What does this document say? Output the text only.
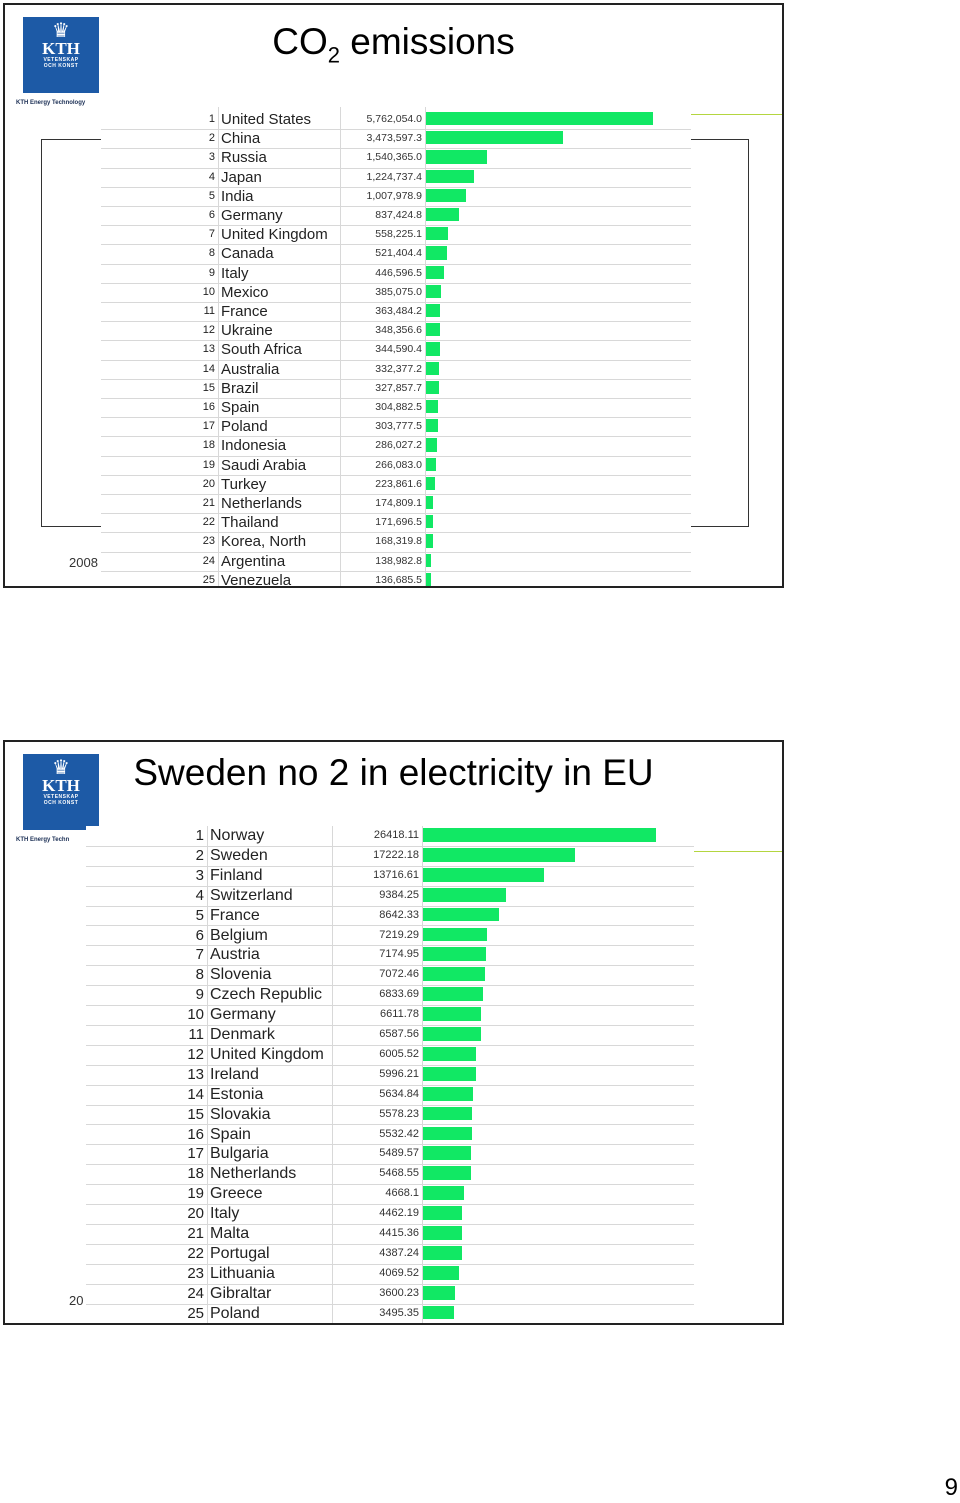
♛
KTH
VETENSKAP
OCH KONST
KTH Energy Technology
$CO_2$ emissions
2008
1 United States	5,762,054.0
2 China	3,473,597.3
3 Russia	1,540,365.0
4 Japan	1,224,737.4
5 India	1,007,978.9
6 Germany	837,424.8
7 United Kingdom	558,225.1
8 Canada	521,404.4
9 Italy	446,596.5
10 Mexico	385,075.0
11 France	363,484.2
12 Ukraine	348,356.6
13 South Africa	344,590.4
14 Australia	332,377.2
15 Brazil	327,857.7
16 Spain	304,882.5
17 Poland	303,777.5
18 Indonesia	286,027.2
19 Saudi Arabia	266,083.0
20 Turkey	223,861.6
21 Netherlands	174,809.1
22 Thailand	171,696.5
23 Korea, North	168,319.8
24 Argentina	138,982.8
25 Venezuela	136,685.5
♛
KTH
VETENSKAP
OCH KONST
KTH Energy Techn
Sweden no 2 in electricity in EU
20
1 Norway	26418.11
2 Sweden	17222.18
3 Finland	13716.61
4 Switzerland	9384.25
5 France	8642.33
6 Belgium	7219.29
7 Austria	7174.95
8 Slovenia	7072.46
9 Czech Republic	6833.69
10 Germany	6611.78
11 Denmark	6587.56
12 United Kingdom	6005.52
13 Ireland	5996.21
14 Estonia	5634.84
15 Slovakia	5578.23
16 Spain	5532.42
17 Bulgaria	5489.57
18 Netherlands	5468.55
19 Greece	4668.1
20 Italy	4462.19
21 Malta	4415.36
22 Portugal	4387.24
23 Lithuania	4069.52
24 Gibraltar	3600.23
25 Poland	3495.35
9
